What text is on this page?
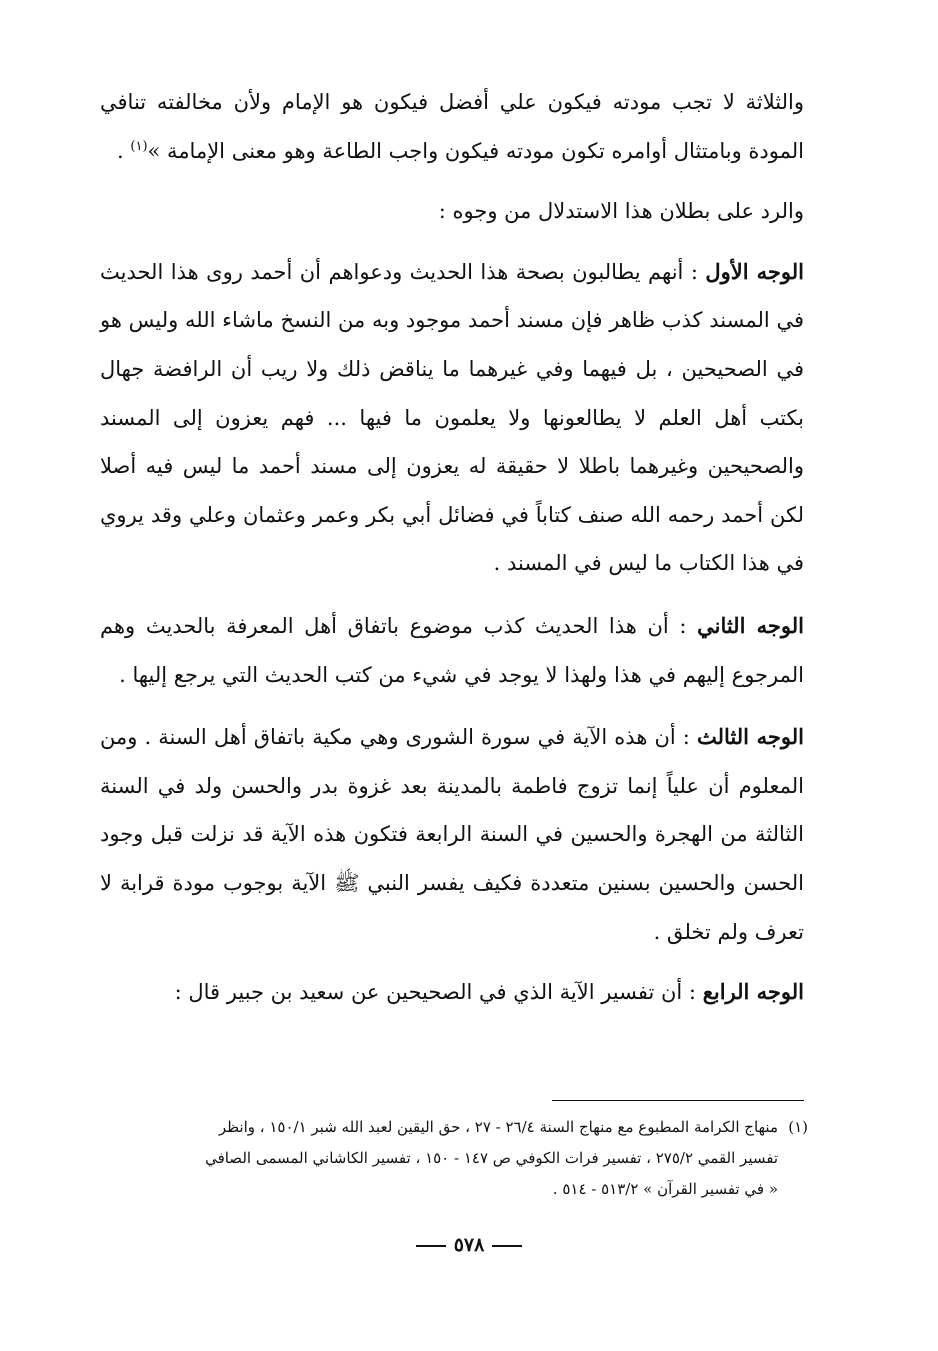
والثلاثة لا تجب مودته فيكون علي أفضل فيكون هو الإمام ولأن مخالفته تنافي المودة وبامتثال أوامره تكون مودته فيكون واجب الطاعة وهو معنى الإمامة »$^{(١)}$ .

والرد على بطلان هذا الاستدلال من وجوه :

الوجه الأول : أنهم يطالبون بصحة هذا الحديث ودعواهم أن أحمد روى هذا الحديث في المسند كذب ظاهر فإن مسند أحمد موجود وبه من النسخ ماشاء الله وليس هو في الصحيحين ، بل فيهما وفي غيرهما ما يناقض ذلك ولا ريب أن الرافضة جهال بكتب أهل العلم لا يطالعونها ولا يعلمون ما فيها ... فهم يعزون إلى المسند والصحيحين وغيرهما باطلا لا حقيقة له يعزون إلى مسند أحمد ما ليس فيه أصلا لكن أحمد رحمه الله صنف كتاباً في فضائل أبي بكر وعمر وعثمان وعلي وقد يروي في هذا الكتاب ما ليس في المسند .

الوجه الثاني : أن هذا الحديث كذب موضوع باتفاق أهل المعرفة بالحديث وهم المرجوع إليهم في هذا ولهذا لا يوجد في شيء من كتب الحديث التي يرجع إليها .

الوجه الثالث : أن هذه الآية في سورة الشورى وهي مكية باتفاق أهل السنة . ومن المعلوم أن علياً إنما تزوج فاطمة بالمدينة بعد غزوة بدر والحسن ولد في السنة الثالثة من الهجرة والحسين في السنة الرابعة فتكون هذه الآية قد نزلت قبل وجود الحسن والحسين بسنين متعددة فكيف يفسر النبي ﷺ الآية بوجوب مودة قرابة لا تعرف ولم تخلق .

الوجه الرابع : أن تفسير الآية الذي في الصحيحين عن سعيد بن جبير قال :

(١)منهاج الكرامة المطبوع مع منهاج السنة ٢٦/٤ - ٢٧ ، حق اليقين لعبد الله شبر ١٥٠/١ ، وانظر
تفسير القمي ٢٧٥/٢ ، تفسير فرات الكوفي ص ١٤٧ - ١٥٠ ، تفسير الكاشاني المسمى الصافي
« في تفسير القرآن » ٥١٣/٢ - ٥١٤ .
٥٧٨
